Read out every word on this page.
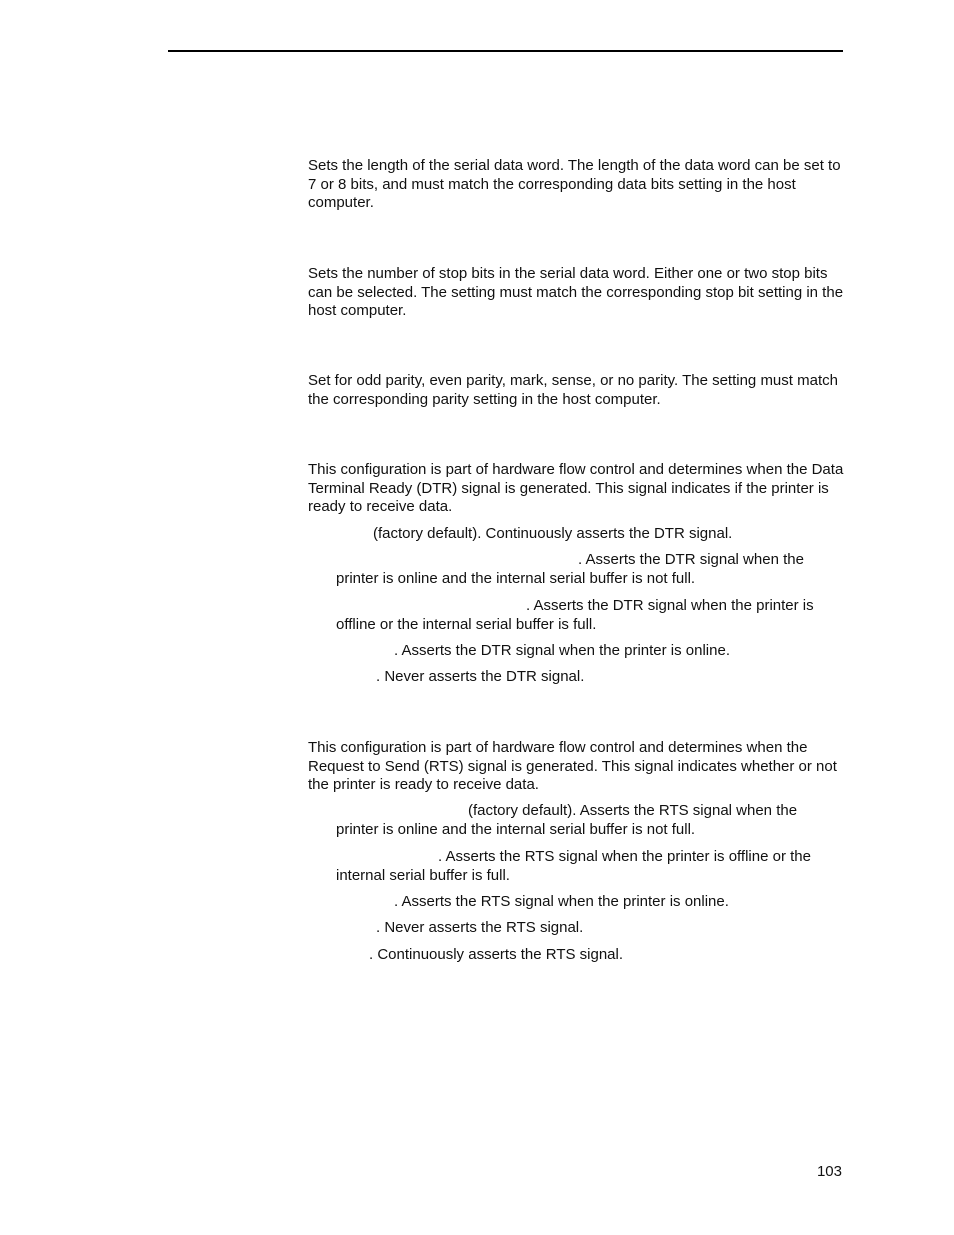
Sets the length of the serial data word. The length of the data word can be set to 7 or 8 bits, and must match the corresponding data bits setting in the host computer.

Sets the number of stop bits in the serial data word. Either one or two stop bits can be selected. The setting must match the corresponding stop bit setting in the host computer.

Set for odd parity, even parity, mark, sense, or no parity. The setting must match the corresponding parity setting in the host computer.

This configuration is part of hardware flow control and determines when the Data Terminal Ready (DTR) signal is generated. This signal indicates if the printer is ready to receive data.

(factory default). Continuously asserts the DTR signal.

. Asserts the DTR signal when the printer is online and the internal serial buffer is not full.

. Asserts the DTR signal when the printer is offline or the internal serial buffer is full.

. Asserts the DTR signal when the printer is online.

. Never asserts the DTR signal.

This configuration is part of hardware flow control and determines when the Request to Send (RTS) signal is generated. This signal indicates whether or not the printer is ready to receive data.

(factory default). Asserts the RTS signal when the printer is online and the internal serial buffer is not full.

. Asserts the RTS signal when the printer is offline or the internal serial buffer is full.

. Asserts the RTS signal when the printer is online.

. Never asserts the RTS signal.

. Continuously asserts the RTS signal.

103
